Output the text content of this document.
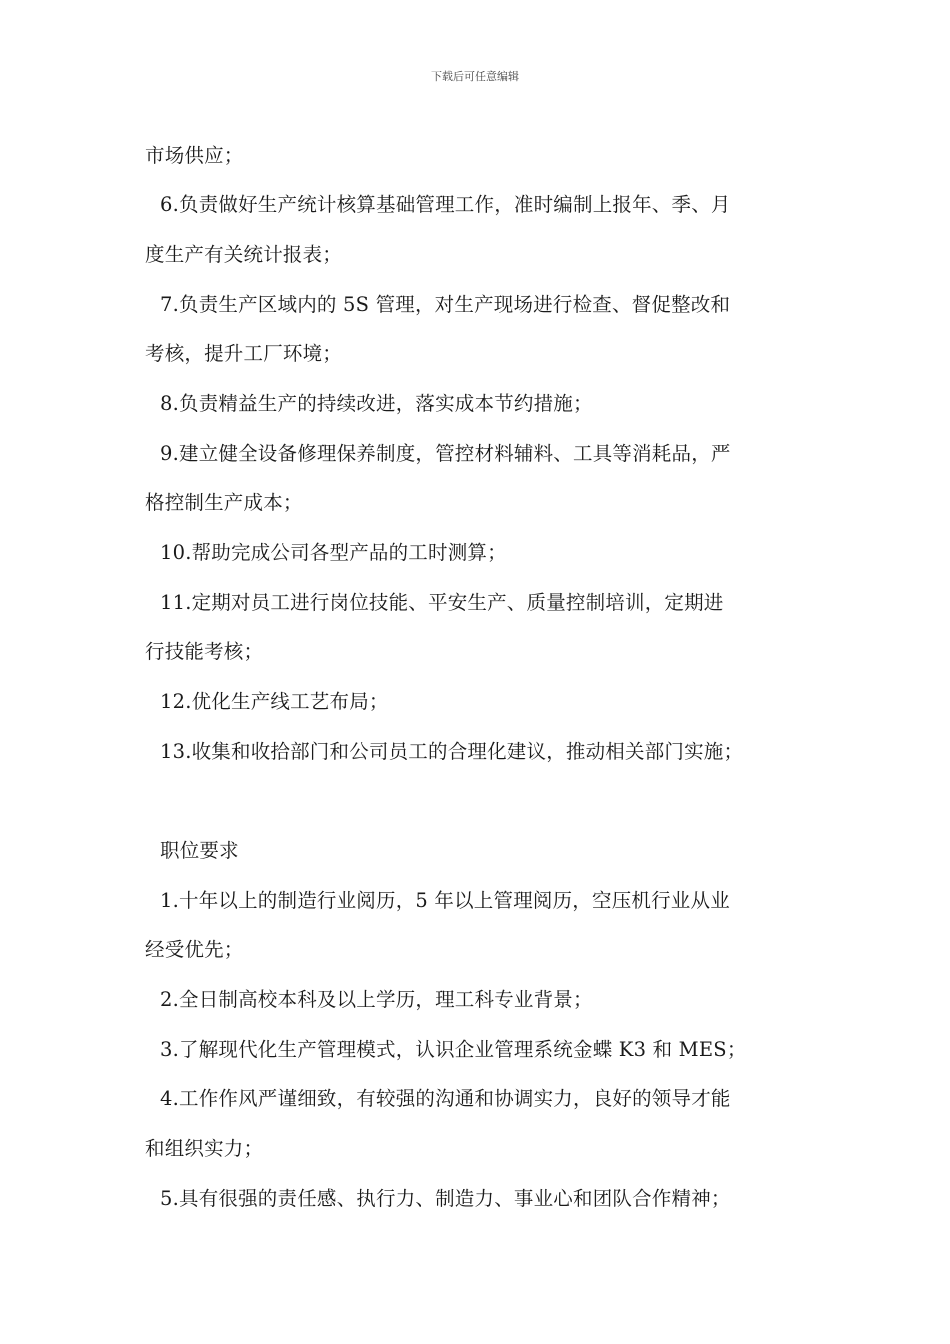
下载后可任意编辑
市场供应；
6.负责做好生产统计核算基础管理工作，准时编制上报年、季、月
度生产有关统计报表；
7.负责生产区域内的 5S 管理，对生产现场进行检查、督促整改和
考核，提升工厂环境；
8.负责精益生产的持续改进，落实成本节约措施；
9.建立健全设备修理保养制度，管控材料辅料、工具等消耗品，严
格控制生产成本；
10.帮助完成公司各型产品的工时测算；
11.定期对员工进行岗位技能、平安生产、质量控制培训，定期进
行技能考核；
12.优化生产线工艺布局；
13.收集和收拾部门和公司员工的合理化建议，推动相关部门实施；
职位要求
1.十年以上的制造行业阅历，5 年以上管理阅历，空压机行业从业
经受优先；
2.全日制高校本科及以上学历，理工科专业背景；
3.了解现代化生产管理模式，认识企业管理系统金蝶 K3 和 MES；
4.工作作风严谨细致，有较强的沟通和协调实力，良好的领导才能
和组织实力；
5.具有很强的责任感、执行力、制造力、事业心和团队合作精神；
